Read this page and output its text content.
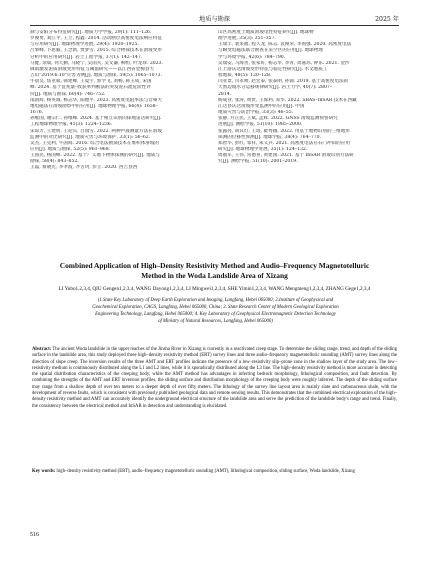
地质与勘探	2025 年

制与安阳分布特征研究[J]. 地质力学学报, 29(1): 111–126.

罗俊勇, 刘江平, 王立, 程鑫. 2014. 活动断层高密度电法响应特征

与应用研究[J]. 地球物理学进展, 29(4): 1920–1925.

吕擎峰, 卜思毅, 王念新, 贾梦雪. 2015. 综合物探技术在滑坡变形

分析中的应用研究[J]. 岩土工程学报, 37(1): 142–147.

马健, 余斌, 何天勤, 马晓宁, 吴雨夫, 吴文谦, 柳恒, 叶龙珍. 2023.

降雨激发泥质滑坡变形特征与阈值研究——以江西省金梅县大

吉山"2019.6.10"灾害为例[J]. 地质与勘探, 59(5): 1065–1073.

牛晨昊, 焦亚斌, 韩建峰, 王夏宇, 郭学飞, 刘畅, 韩玉成, 宋国

峰. 2024. 基于征兆量–收获率判断法的突发泥石流危险性评

价[J]. 地质与勘探, 60(4): 746–752.

邵国辉, 杨英诚, 杨志华, 阳德平. 2023. 高密度电阻率法与音频大

地电磁法在滑坡勘察中的应用[J]. 地球物理学报, 66(4): 1658–

1676.

孙维国, 谢宗仁, 孙维峰. 2024. 基于相互识别的探地雷达研究[J].

工程地球物理学报, 41(3): 1224–1236.

宋琼芳, 王建明, 王迎宾, 吕瑞雪. 2022. 两种声波测量方法在滑坡

监测中的对比研究[J]. 地质灾害与环境保护, 33(1): 56–62.

吴杰, 王克利, 牛国海. 2016. 综合电法勘探技术在堆积体滑坡的

应用[J]. 地质与勘探, 52(5): 961–968.

王国民, 杨国峰. 2022. 基于广义地下物体探测的研究[J]. 地质与

勘探, 58(4): 843–852.

王磊, 蔡晓光, 李孝波, 齐古玥, 彭立. 2020. 西吉县西

山区高密度土地质滑坡电性特征研究[J]. 地球物

理学进展, 35(3): 351–357.

王瑞丰, 裴来福, 程久龙, 陈志, 袁俊荣, 李国强. 2020. 高密度电法

与瞬变电磁法联合勘查在采空区的应用[J]. 地球物理

学与环境学报, 42(6): 784–790.

吴瑞安, 马海善, 张家好, 杨志华, 李青, 周嘉玮, 钟乐. 2021. 金沙

江上游沃达滑坡变形特征与稳定性研究[J]. 水文地质工

程地质, 48(5): 120–128.

闫亚景, 闫永帅, 赵宏泰, 张泰朗, 孙锦. 2019. 基于高密度电法的

天然边坡水分运移规律研究[J]. 岩土力学, 40(7): 2807–

2814.

杨成业, 张涛, 黄贵, 王保利, 邓华. 2022. SBAS–InSAR 技术在西藏

江达县沃达滑坡形变监测中的应用[J]. 中国

地质灾害与防治学报, 33(3): 46–55.

张静, 方正民, 王斌, 孟辉. 2022. GNSS 滑坡监测预警研究

进展[J]. 测绘学报, 51(10): 1985–2000.

张露亮, 胡其灯, 王珉, 瞿秀娥. 2022. 用基于地物识别的三维地形

探测的位移性预测[J]. 地球学报, 38(4): 764–770.

郑智华, 彭红, 邹祥, 朱义兵. 2021. 高密度电法在石门冲田的应用

研究[J]. 地球物理学进展, 35(1): 124–132.

周福军, 王伟, 常德喜, 黄建国. 2021. 基于 InSAR 滑坡识别方法研

究[J]. 测绘学报, 51(10): 2001–2019.

Combined Application of High–Density Resistivity Method and Audio–Frequency Magnetotelluric
Method in the Woda Landslide Area of Xizang
LI Yubo1,2,3,4, QIU Gengen1,2,3,4, WANG Dayong1,2,3,4, LI Mingwei1,2,3,4, SHE Yimin1,2,3,4, WANG Mengmeng1,2,3,4, ZHANG Gege1,2,3,4
(1.State Key Laboratory of Deep Earth Exploration and Imaging, Langfang, Hebei 065000; 2.Institute of Geophysical and
Geochemical Exploration, CAGS, Langfang, Hebei 065000, China; 3. State Research Center of Modern Geological Exploration
Engineering Technology, Langfang, Hebei 065000; 4. Key Laboratory of Geophysical Electromagnetic Detection Technology
of Ministry of Natural Resources, Langfang, Hebei 065000)
Abstract: The ancient Woda landslide in the upper reaches of the Jinsha River in Xizang is currently in a reactivated creep stage. To determine the sliding range, trend, and depth of the sliding surface in the landslide area, this study deployed three high–density resistivity method (ERT) survey lines and three audio–frequency magnetotelluric sounding (AMT) survey lines along the direction of slope creep. The inversion results of the three AMT and ERT profiles indicate the presence of a low–resistivity slip–prone zone in the shallow layer of the study area. The low–resistivity medium is continuously distributed along the L1 and L2 lines, while it is sporadically distributed along the L3 line. The high–density resistivity method is more accurate in detecting the spatial distribution characteristics of the creeping body, while the AMT method has advantages in inferring bedrock morphology, lithological composition, and fault detection. By combining the strengths of the AMT and ERT inversion profiles, the sliding surface and distribution morphology of the creeping body were roughly inferred. The depth of the sliding surface may range from a shallow depth of over ten meters to a deeper depth of over fifty meters. The lithology of the survey line layout area is mainly slate and carbonaceous shale, with the development of reverse faults, which is consistent with previously published geological data and remote sensing results. This demonstrates that the combined electrical exploration of the high–density resistivity method and AMT can accurately identify the underground electrical structure of the landslide area and serve the prediction of the landslide body's range and trend. Finally, the consistency between the electrical method and InSAR in detection and understanding is elucidated.
Key words: high–density resistivity method (ERT), audio–frequency magnetotelluric sounding (AMT), lithological composition, sliding surface, Woda landslide, Xizang
516
